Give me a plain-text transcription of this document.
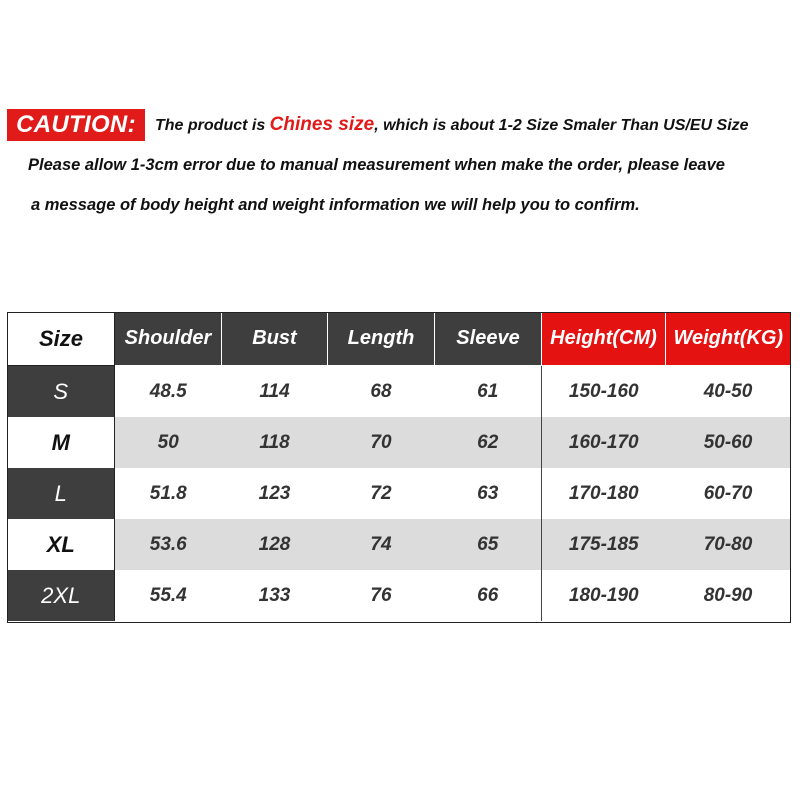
CAUTION:	The product is Chines size, which is about 1-2 Size Smaler Than US/EU Size
Please allow 1-3cm error due to manual measurement when make the order, please leave
a message of body height and weight information we will help you to confirm.
Size	Shoulder	Bust	Length	Sleeve	Height(CM)	Weight(KG)
S	48.5	114	68	61	150-160	40-50
M	50	118	70	62	160-170	50-60
L	51.8	123	72	63	170-180	60-70
XL	53.6	128	74	65	175-185	70-80
2XL	55.4	133	76	66	180-190	80-90
